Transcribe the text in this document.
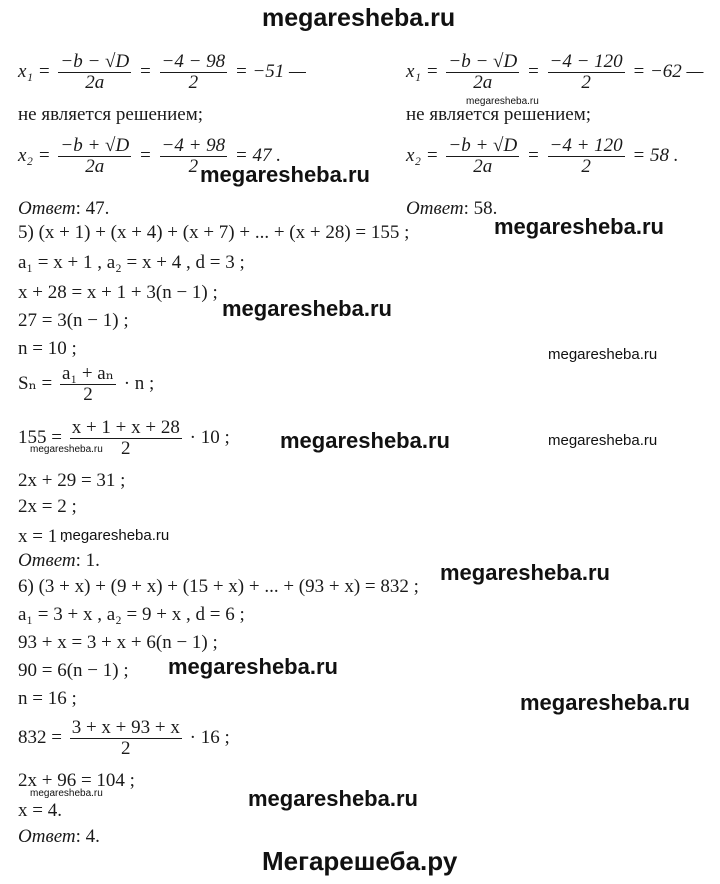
megaresheba.ru
$x_1 = \frac{-b - √D}{2a} = \frac{-4 - 98}{2} = -51$ —
не является решением;
$x_2 = \frac{-b + √D}{2a} = \frac{-4 + 98}{2} = 47$ .
Ответ: 47.
$x_1 = \frac{-b - √D}{2a} = \frac{-4 - 120}{2} = -62$ —
не является решением;
$x_2 = \frac{-b + √D}{2a} = \frac{-4 + 120}{2} = 58$ .
Ответ: 58.
5) (x + 1) + (x + 4) + (x + 7) + ... + (x + 28) = 155 ;
a₁ = x + 1 , a₂ = x + 4 , d = 3 ;
x + 28 = x + 1 + 3(n − 1) ;
27 = 3(n − 1) ;
n = 10 ;
$S_n = \frac{\text{a₁ + aₙ}}{2} \cdot n$ ;
$155 = \frac{x + 1 + x + 28}{2} \cdot 10$ ;
2x + 29 = 31 ;
2x = 2 ;
x = 1 .
Ответ: 1.
6) (3 + x) + (9 + x) + (15 + x) + ... + (93 + x) = 832 ;
a₁ = 3 + x , a₂ = 9 + x , d = 6 ;
93 + x = 3 + x + 6(n − 1) ;
90 = 6(n − 1) ;
n = 16 ;
$832 = \frac{3 + x + 93 + x}{2} \cdot 16$ ;
2x + 96 = 104 ;
x = 4.
Ответ: 4.
megaresheba.ru
megaresheba.ru
megaresheba.ru
megaresheba.ru
megaresheba.ru
megaresheba.ru	megaresheba.ru
megaresheba.ru
megaresheba.ru
megaresheba.ru
megaresheba.ru
megaresheba.ru
megaresheba.ru	megaresheba.ru
Мегарешеба.ру
